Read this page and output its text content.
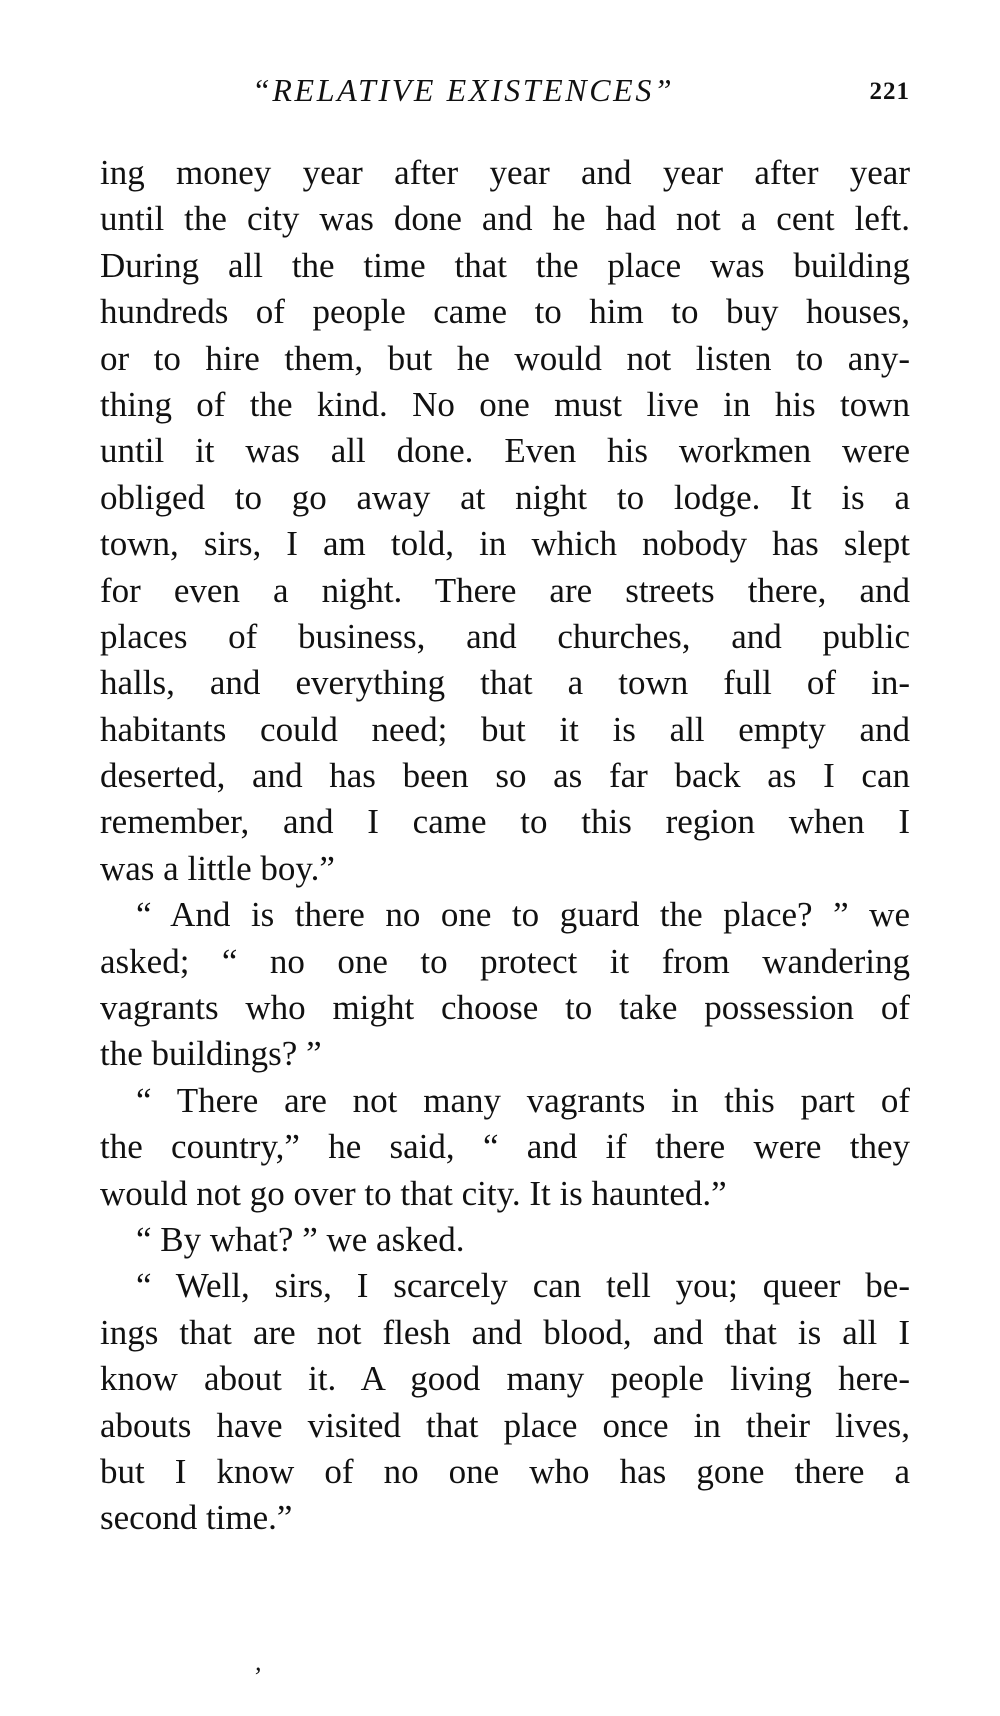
“RELATIVE EXISTENCES”	221
ing money year after year and year after year
until the city was done and he had not a cent left.
During all the time that the place was building
hundreds of people came to him to buy houses,
or to hire them, but he would not listen to any-
thing of the kind. No one must live in his town
until it was all done. Even his workmen were
obliged to go away at night to lodge. It is a
town, sirs, I am told, in which nobody has slept
for even a night. There are streets there, and
places of business, and churches, and public
halls, and everything that a town full of in-
habitants could need; but it is all empty and
deserted, and has been so as far back as I can
remember, and I came to this region when I
was a little boy.”
“ And is there no one to guard the place? ” we
asked; “ no one to protect it from wandering
vagrants who might choose to take possession of
the buildings? ”
“ There are not many vagrants in this part of
the country,” he said, “ and if there were they
would not go over to that city. It is haunted.”
“ By what? ” we asked.
“ Well, sirs, I scarcely can tell you; queer be-
ings that are not flesh and blood, and that is all I
know about it. A good many people living here-
abouts have visited that place once in their lives,
but I know of no one who has gone there a
second time.”
’
